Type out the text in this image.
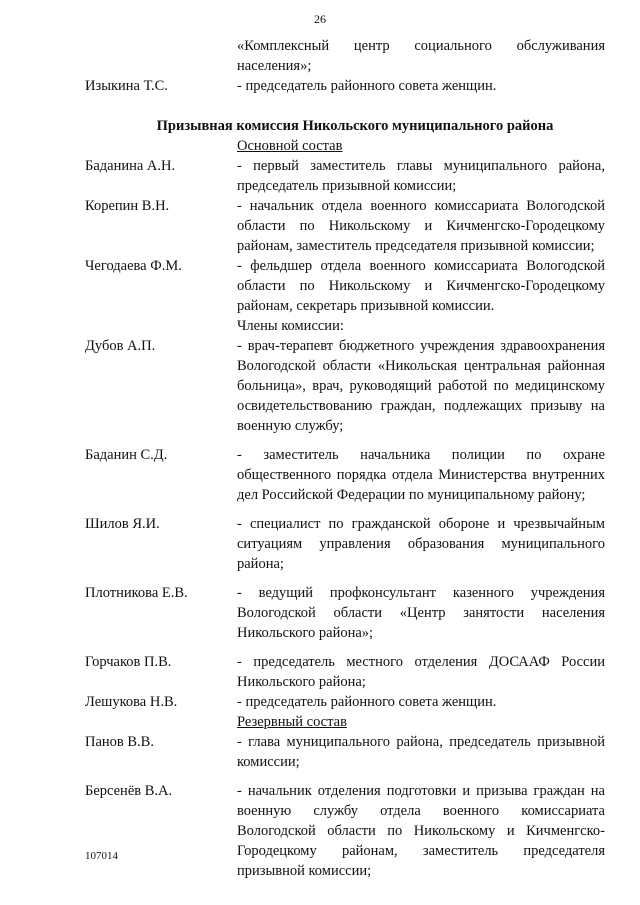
26
«Комплексный центр социального обслуживания населения»;
Изыкина Т.С.	- председатель районного совета женщин.
Призывная комиссия Никольского муниципального района
Основной состав
Баданина А.Н.	- первый заместитель главы муниципального района, председатель призывной комиссии;
Корепин В.Н.	- начальник отдела военного комиссариата Вологодской области по Никольскому и Кичменгско-Городецкому районам, заместитель председателя призывной комиссии;
Чегодаева Ф.М.	- фельдшер отдела военного комиссариата Вологодской области по Никольскому и Кичменгско-Городецкому районам, секретарь призывной комиссии.
Члены комиссии:
Дубов А.П.	- врач-терапевт бюджетного учреждения здравоохранения Вологодской области «Никольская центральная районная больница», врач, руководящий работой по медицинскому освидетельствованию граждан, подлежащих призыву на военную службу;
Баданин С.Д.	- заместитель начальника полиции по охране общественного порядка отдела Министерства внутренних дел Российской Федерации по муниципальному району;
Шилов Я.И.	- специалист по гражданской обороне и чрезвычайным ситуациям управления образования муниципального района;
Плотникова Е.В.	- ведущий профконсультант казенного учреждения Вологодской области «Центр занятости населения Никольского района»;
Горчаков П.В.	- председатель местного отделения ДОСААФ России Никольского района;
Лешукова Н.В.	- председатель районного совета женщин.
Резервный состав
Панов В.В.	- глава муниципального района, председатель призывной комиссии;
Берсенёв В.А.	- начальник отделения подготовки и призыва граждан на военную службу отдела военного комиссариата Вологодской области по Никольскому и Кичменгско-Городецкому районам, заместитель председателя призывной комиссии;
107014
